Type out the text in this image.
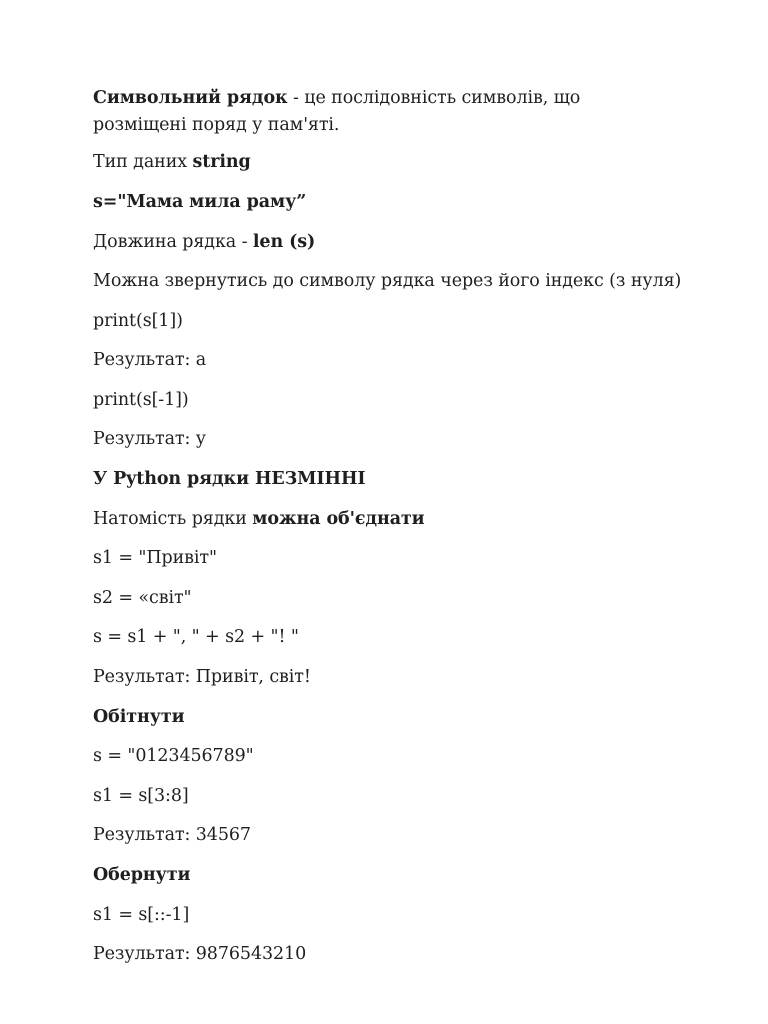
Символьний рядок - це послідовність символів, що розміщені поряд у пам'яті.

Тип даних string

s="Мама мила раму”

Довжина рядка - len (s)

Можна звернутись до символу рядка через його індекс (з нуля)

print(s[1])

Результат: а

print(s[-1])

Результат: у

У Python рядки НЕЗМІННІ

Натомість рядки можна об'єднати

s1 = "Привіт"

s2 = «світ"

s = s1 + ", " + s2 + "! "

Результат: Привіт, світ!

Обітнути

s = "0123456789"

s1 = s[3:8]

Результат: 34567

Обернути

s1 = s[::-1]

Результат: 9876543210
